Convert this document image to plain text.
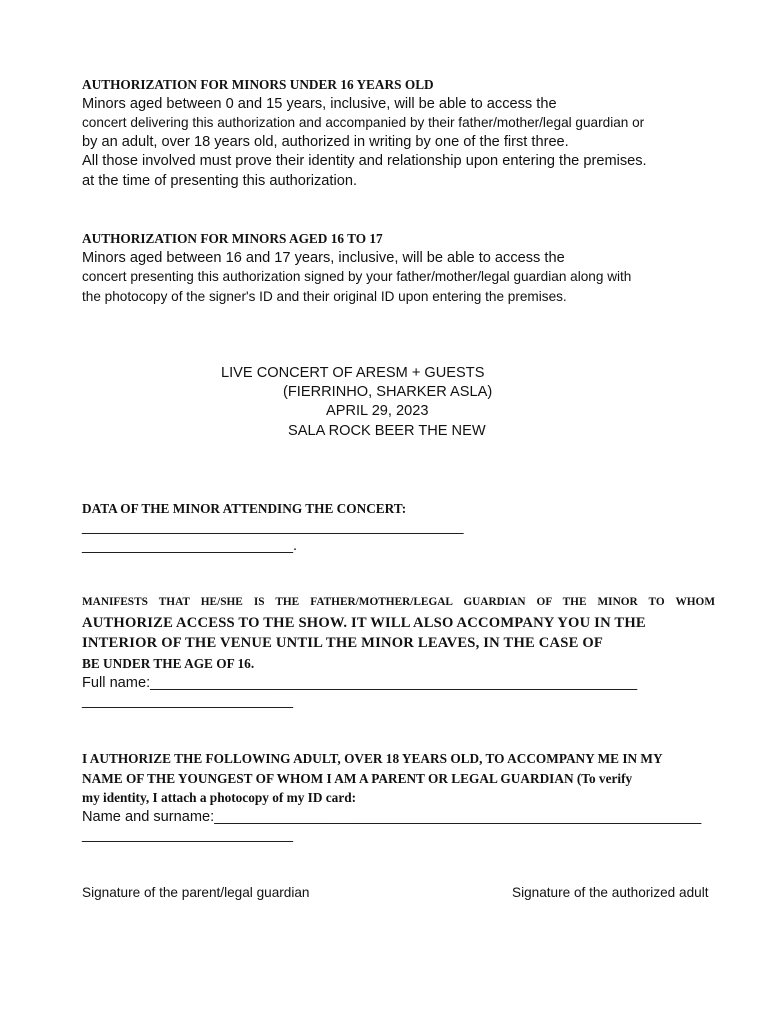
AUTHORIZATION FOR MINORS UNDER 16 YEARS OLD
Minors aged between 0 and 15 years, inclusive, will be able to access the
concert delivering this authorization and accompanied by their father/mother/legal guardian or
by an adult, over 18 years old, authorized in writing by one of the first three.
All those involved must prove their identity and relationship upon entering the premises.
at the time of presenting this authorization.
AUTHORIZATION FOR MINORS AGED 16 TO 17
Minors aged between 16 and 17 years, inclusive, will be able to access the
concert presenting this authorization signed by your father/mother/legal guardian along with
the photocopy of the signer's ID and their original ID upon entering the premises.
LIVE CONCERT OF ARESM + GUESTS
(FIERRINHO, SHARKER ASLA)
APRIL 29, 2023
SALA ROCK BEER THE NEW
DATA OF THE MINOR ATTENDING THE CONCERT:
_______________________________________________
__________________________.
MANIFESTS THAT HE/SHE IS THE FATHER/MOTHER/LEGAL GUARDIAN OF THE MINOR TO WHOM
AUTHORIZE ACCESS TO THE SHOW. IT WILL ALSO ACCOMPANY YOU IN THE
INTERIOR OF THE VENUE UNTIL THE MINOR LEAVES, IN THE CASE OF
BE UNDER THE AGE OF 16.
Full name:____________________________________________________________
__________________________
I AUTHORIZE THE FOLLOWING ADULT, OVER 18 YEARS OLD, TO ACCOMPANY ME IN MY
NAME OF THE YOUNGEST OF WHOM I AM A PARENT OR LEGAL GUARDIAN (To verify
my identity, I attach a photocopy of my ID card:
Name and surname:____________________________________________________________
__________________________
Signature of the parent/legal guardian	Signature of the authorized adult
